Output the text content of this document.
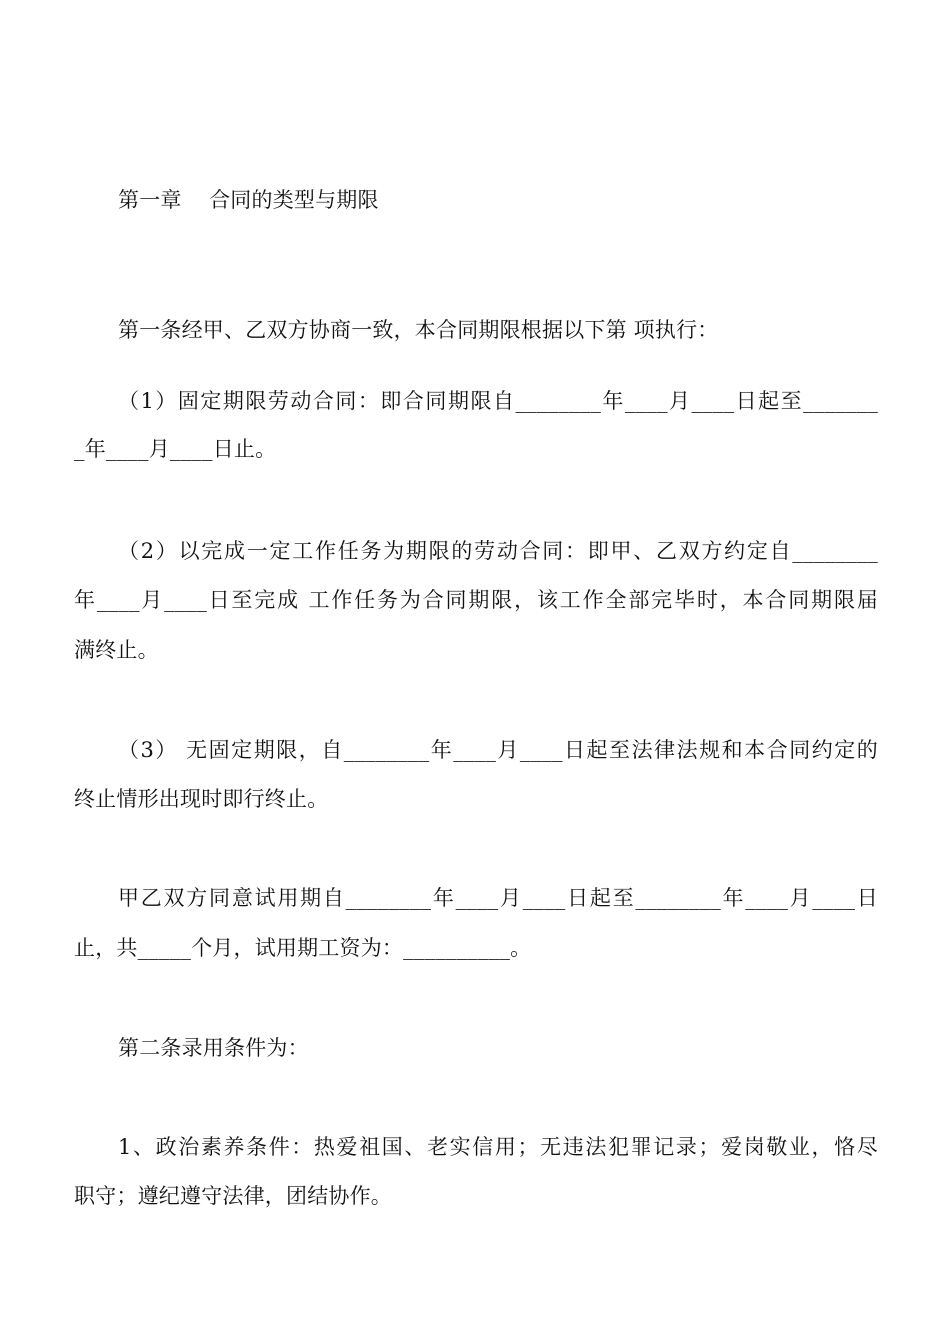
第一章    合同的类型与期限
第一条经甲、乙双方协商一致，本合同期限根据以下第 项执行：
（1）固定期限劳动合同：即合同期限自________年____月____日起至_______
_年____月____日止。
（2）以完成一定工作任务为期限的劳动合同：即甲、乙双方约定自________
年____月____日至完成 工作任务为合同期限，该工作全部完毕时，本合同期限届
满终止。
（3） 无固定期限，自________年____月____日起至法律法规和本合同约定的
终止情形出现时即行终止。
甲乙双方同意试用期自________年____月____日起至________年____月____日
止，共_____个月，试用期工资为：__________。
第二条录用条件为：
1、政治素养条件：热爱祖国、老实信用；无违法犯罪记录；爱岗敬业，恪尽
职守；遵纪遵守法律，团结协作。
